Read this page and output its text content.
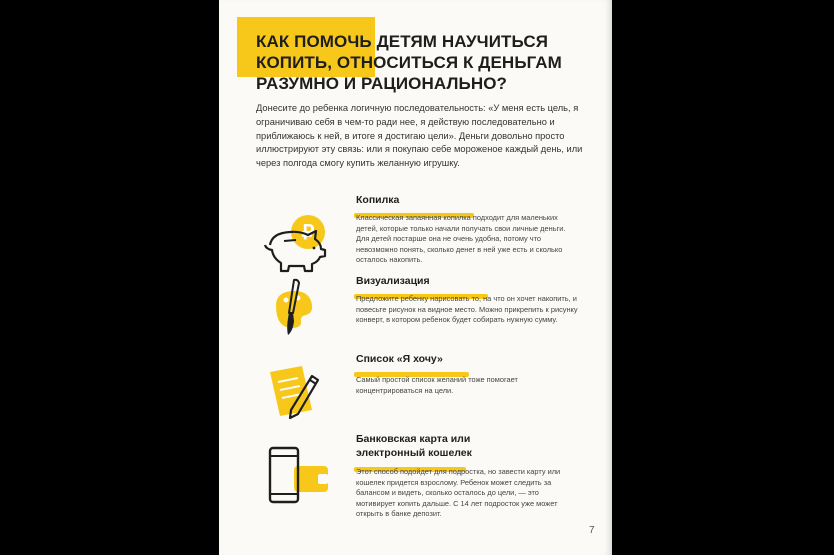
КАК ПОМОЧЬ ДЕТЯМ НАУЧИТЬСЯ КОПИТЬ, ОТНОСИТЬСЯ К ДЕНЬГАМ РАЗУМНО И РАЦИОНАЛЬНО?

Донесите до ребенка логичную последовательность: «У меня есть цель, я ограничиваю себя в чем-то ради нее, я действую последовательно и приближаюсь к ней, в итоге я достигаю цели». Деньги довольно просто иллюстрируют эту связь: или я покупаю себе мороженое каждый день, или через полгода смогу купить желанную игрушку.

₽
Копилка

Классическая запаянная копилка подходит для маленьких детей, которые только начали получать свои личные деньги. Для детей постарше она не очень удобна, потому что невозможно понять, сколько денег в ней уже есть и сколько осталось накопить.

Визуализация

Предложите ребенку нарисовать то, на что он хочет накопить, и повесьте рисунок на видное место. Можно прикрепить к рисунку конверт, в котором ребенок будет собирать нужную сумму.

Список «Я хочу»

Самый простой список желаний тоже помогает концентрироваться на цели.

Банковская карта или электронный кошелек

Этот способ подойдет для подростка, но завести карту или кошелек придется взрослому. Ребенок может следить за балансом и видеть, сколько осталось до цели, — это мотивирует копить дальше. С 14 лет подросток уже может открыть в банке депозит.

7
